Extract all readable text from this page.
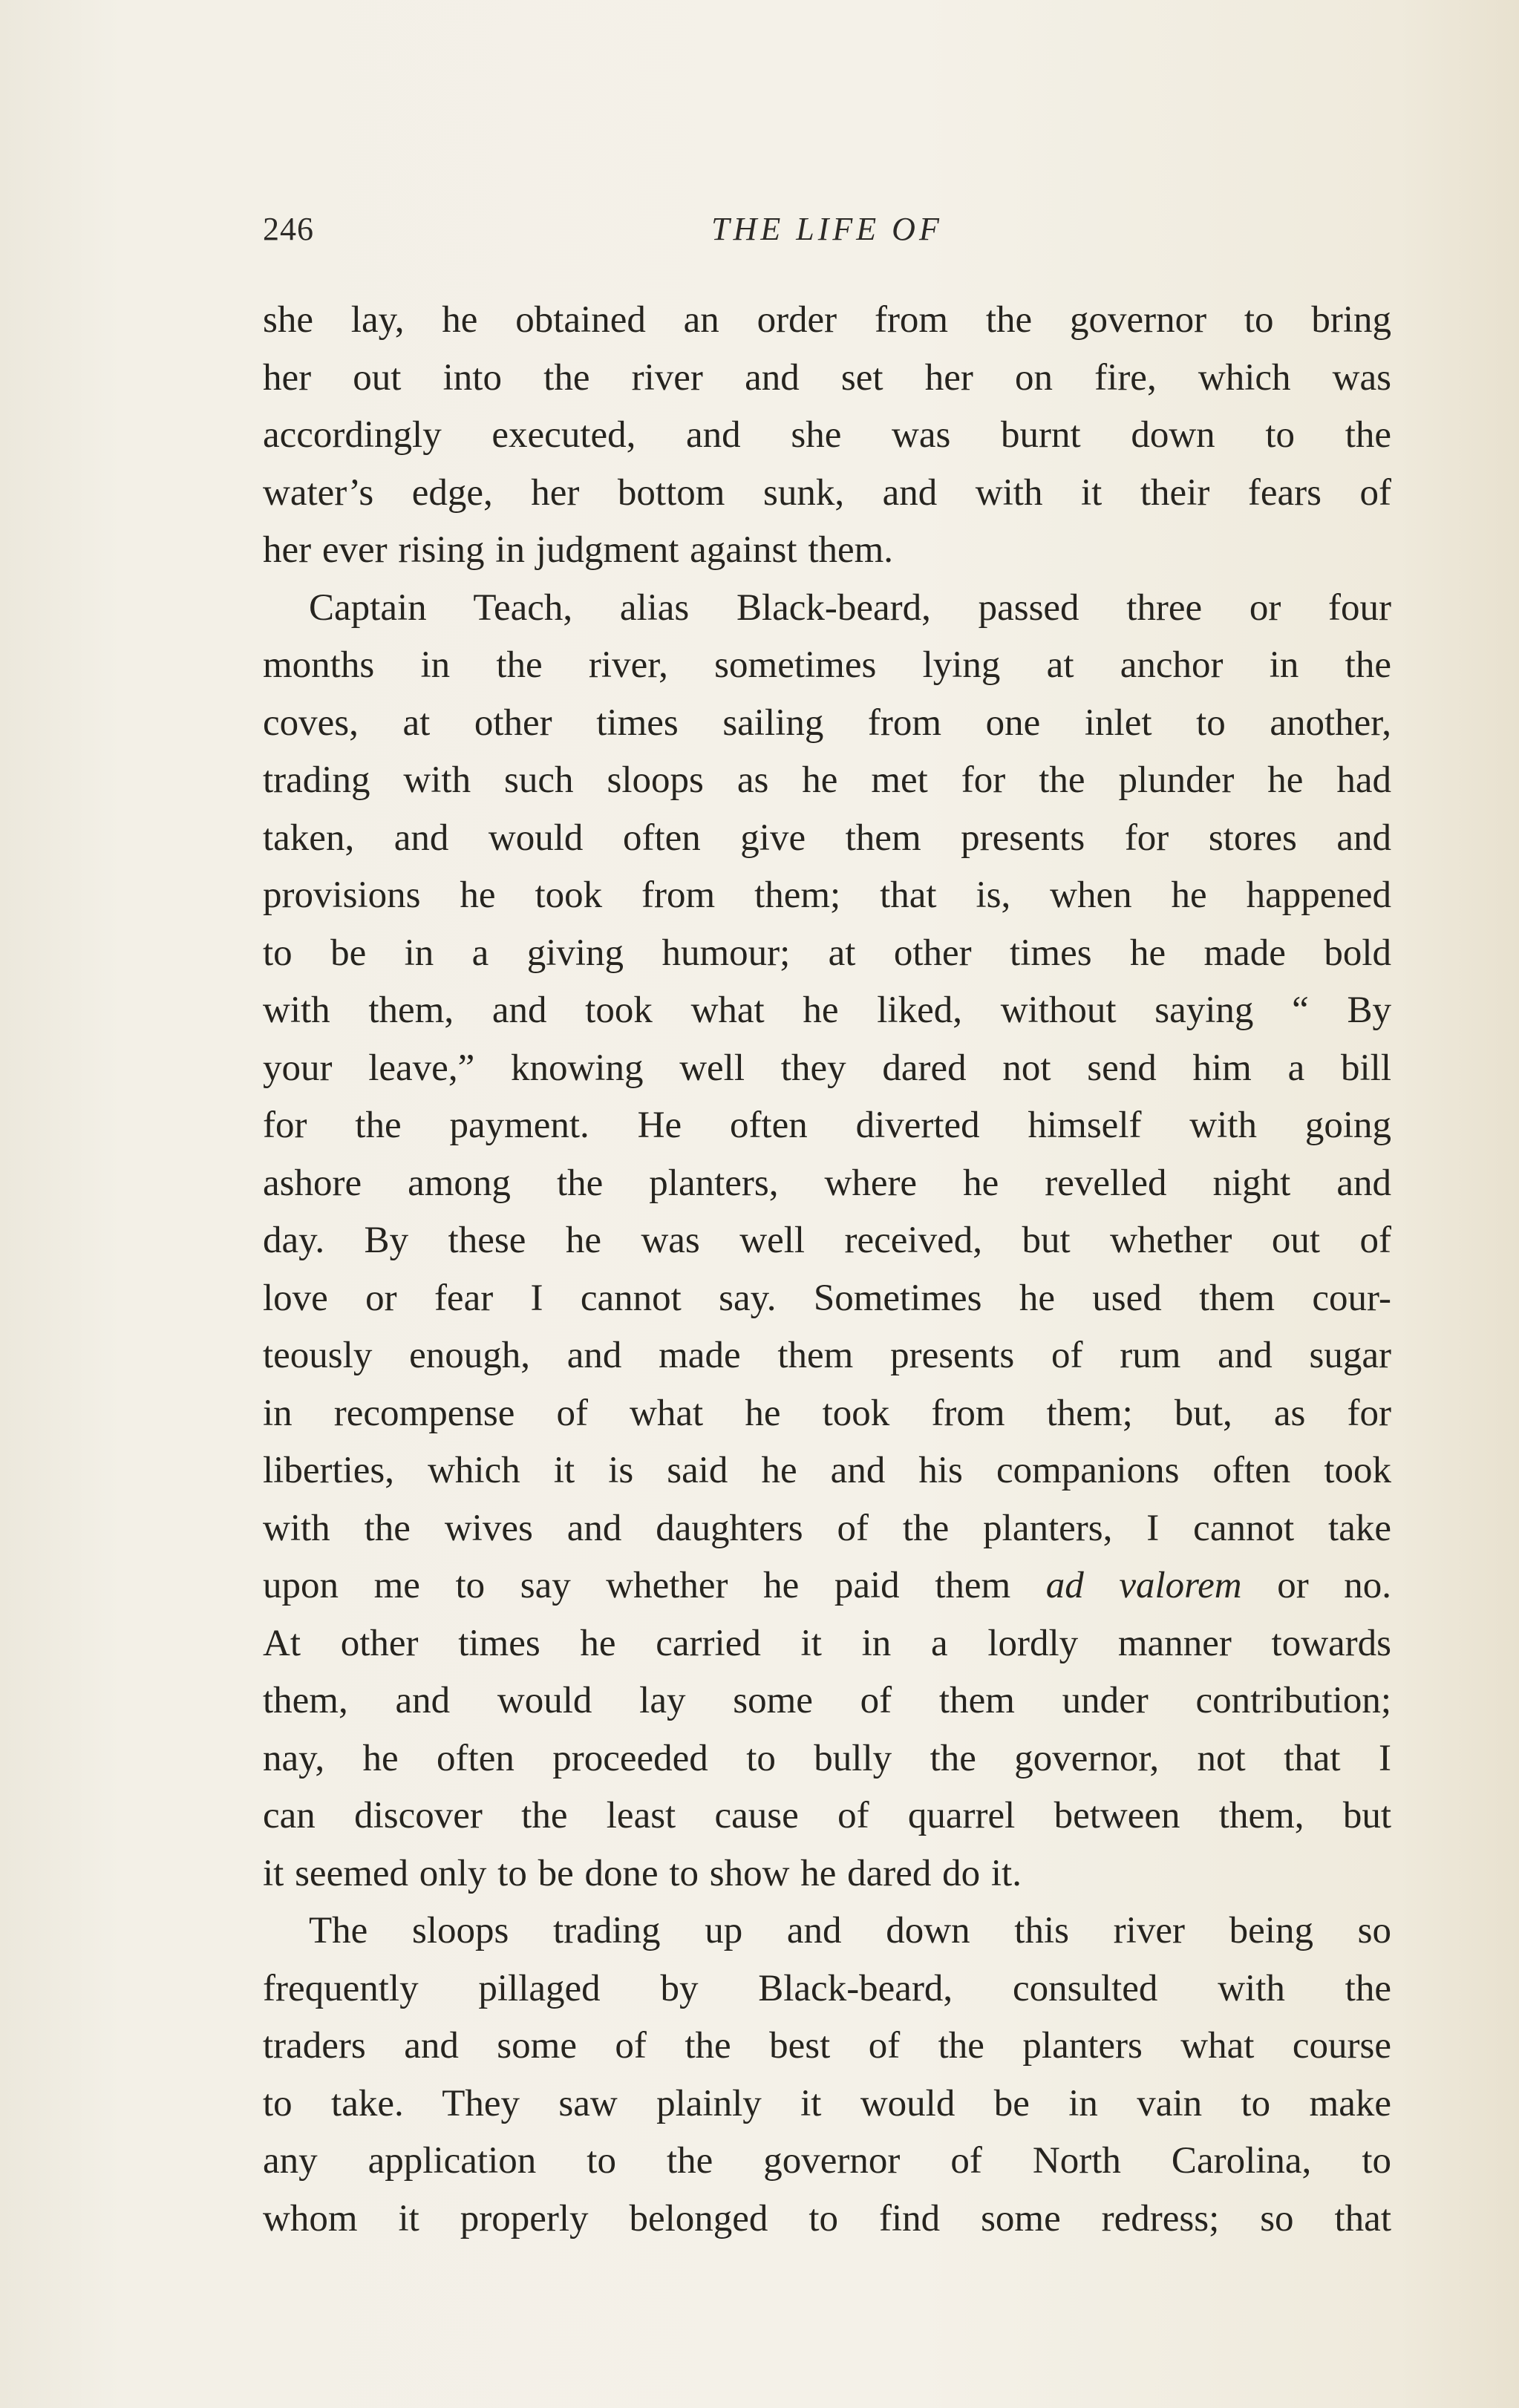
246	THE LIFE OF
she lay, he obtained an order from the governor to bring
her out into the river and set her on fire, which was
accordingly executed, and she was burnt down to the
water’s edge, her bottom sunk, and with it their fears of
her ever rising in judgment against them.
Captain Teach, alias Black-beard, passed three or four
months in the river, sometimes lying at anchor in the
coves, at other times sailing from one inlet to another,
trading with such sloops as he met for the plunder he had
taken, and would often give them presents for stores and
provisions he took from them; that is, when he happened
to be in a giving humour; at other times he made bold
with them, and took what he liked, without saying “ By
your leave,” knowing well they dared not send him a bill
for the payment. He often diverted himself with going
ashore among the planters, where he revelled night and
day. By these he was well received, but whether out of
love or fear I cannot say. Sometimes he used them cour-
teously enough, and made them presents of rum and sugar
in recompense of what he took from them; but, as for
liberties, which it is said he and his companions often took
with the wives and daughters of the planters, I cannot take
upon me to say whether he paid them ad valorem or no.
At other times he carried it in a lordly manner towards
them, and would lay some of them under contribution;
nay, he often proceeded to bully the governor, not that I
can discover the least cause of quarrel between them, but
it seemed only to be done to show he dared do it.
The sloops trading up and down this river being so
frequently pillaged by Black-beard, consulted with the
traders and some of the best of the planters what course
to take. They saw plainly it would be in vain to make
any application to the governor of North Carolina, to
whom it properly belonged to find some redress; so that
